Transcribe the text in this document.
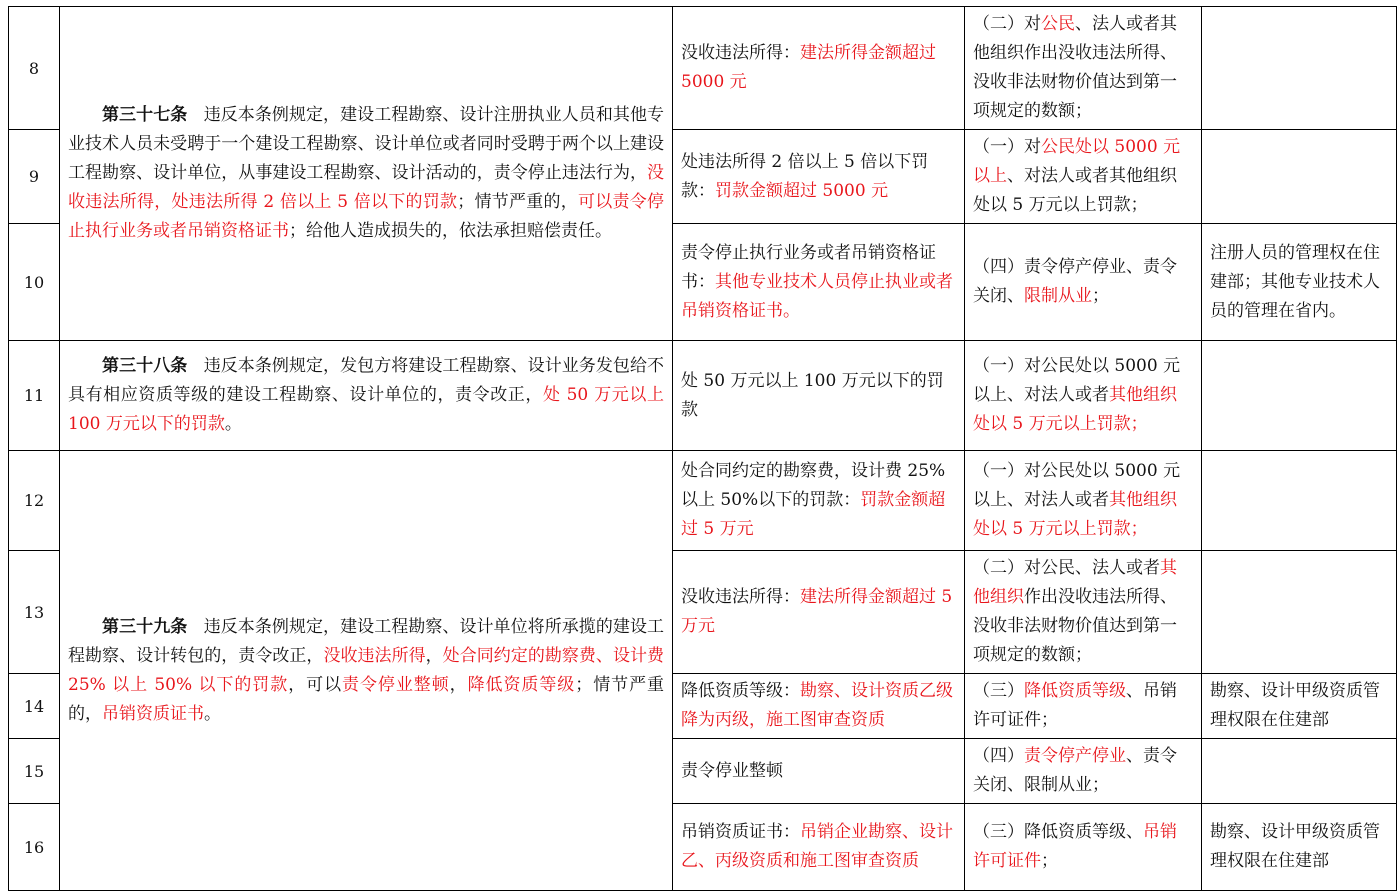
8	第三十七条 违反本条例规定，建设工程勘察、设计注册执业人员和其他专业技术人员未受聘于一个建设工程勘察、设计单位或者同时受聘于两个以上建设工程勘察、设计单位，从事建设工程勘察、设计活动的，责令停止违法行为，没收违法所得，处违法所得 2 倍以上 5 倍以下的罚款；情节严重的，可以责令停止执行业务或者吊销资格证书；给他人造成损失的，依法承担赔偿责任。	没收违法所得：建法所得金额超过 5000 元	（二）对公民、法人或者其他组织作出没收违法所得、没收非法财物价值达到第一项规定的数额；	
9		处违法所得 2 倍以上 5 倍以下罚款：罚款金额超过 5000 元	（一）对公民处以 5000 元以上、对法人或者其他组织处以 5 万元以上罚款；	
10		责令停止执行业务或者吊销资格证书：其他专业技术人员停止执业或者吊销资格证书。	（四）责令停产停业、责令关闭、限制从业；	注册人员的管理权在住建部；其他专业技术人员的管理在省内。
11	第三十八条 违反本条例规定，发包方将建设工程勘察、设计业务发包给不具有相应资质等级的建设工程勘察、设计单位的，责令改正，处 50 万元以上 100 万元以下的罚款。	处 50 万元以上 100 万元以下的罚款	（一）对公民处以 5000 元以上、对法人或者其他组织处以 5 万元以上罚款；	
12	第三十九条 违反本条例规定，建设工程勘察、设计单位将所承揽的建设工程勘察、设计转包的，责令改正，没收违法所得，处合同约定的勘察费、设计费 25% 以上 50% 以下的罚款，可以责令停业整顿，降低资质等级；情节严重的，吊销资质证书。	处合同约定的勘察费，设计费 25% 以上 50%以下的罚款：罚款金额超过 5 万元	（一）对公民处以 5000 元以上、对法人或者其他组织处以 5 万元以上罚款；	
13		没收违法所得：建法所得金额超过 5 万元	（二）对公民、法人或者其他组织作出没收违法所得、没收非法财物价值达到第一项规定的数额；	
14		降低资质等级：勘察、设计资质乙级降为丙级，施工图审查资质	（三）降低资质等级、吊销许可证件；	勘察、设计甲级资质管理权限在住建部
15		责令停业整顿	（四）责令停产停业、责令关闭、限制从业；	
16		吊销资质证书：吊销企业勘察、设计乙、丙级资质和施工图审查资质	（三）降低资质等级、吊销许可证件；	勘察、设计甲级资质管理权限在住建部
